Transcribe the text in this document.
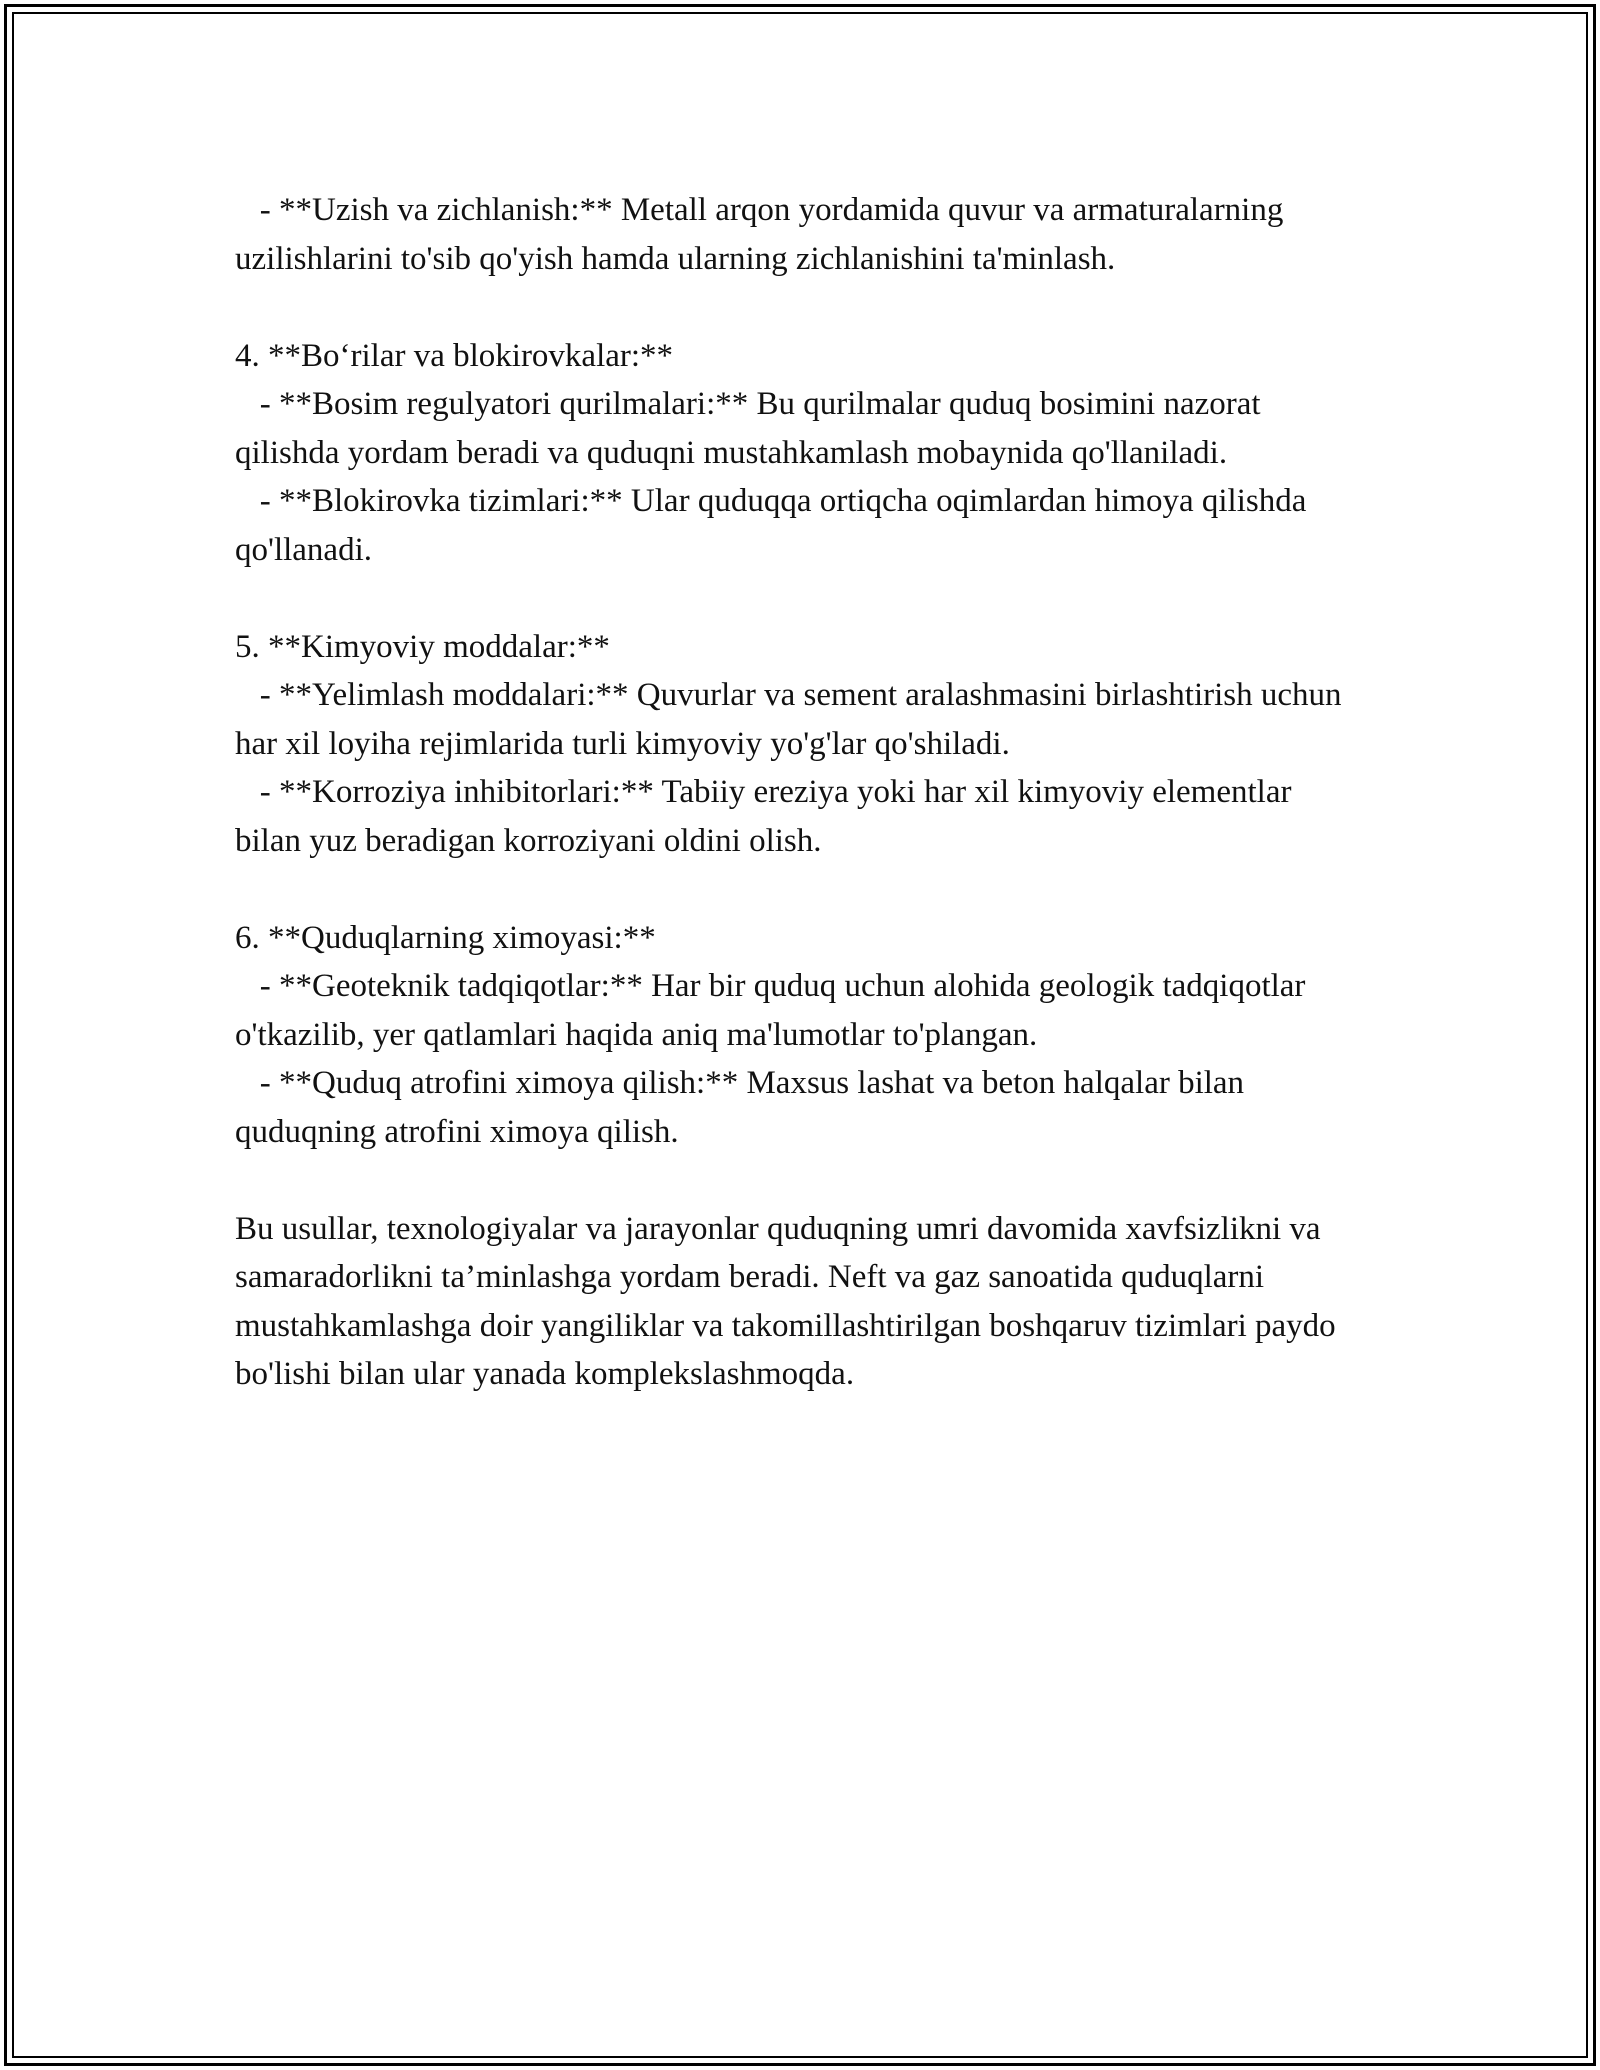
- **Uzish va zichlanish:** Metall arqon yordamida quvur va armaturalarning uzilishlarini to'sib qo'yish hamda ularning zichlanishini ta'minlash.

4. **Bo‘rilar va blokirovkalar:**

- **Bosim regulyatori qurilmalari:** Bu qurilmalar quduq bosimini nazorat qilishda yordam beradi va quduqni mustahkamlash mobaynida qo'llaniladi.

- **Blokirovka tizimlari:** Ular quduqqa ortiqcha oqimlardan himoya qilishda qo'llanadi.

5. **Kimyoviy moddalar:**

- **Yelimlash moddalari:** Quvurlar va sement aralashmasini birlashtirish uchun har xil loyiha rejimlarida turli kimyoviy yo'g'lar qo'shiladi.

- **Korroziya inhibitorlari:** Tabiiy ereziya yoki har xil kimyoviy elementlar bilan yuz beradigan korroziyani oldini olish.

6. **Quduqlarning ximoyasi:**

- **Geoteknik tadqiqotlar:** Har bir quduq uchun alohida geologik tadqiqotlar o'tkazilib, yer qatlamlari haqida aniq ma'lumotlar to'plangan.

- **Quduq atrofini ximoya qilish:** Maxsus lashat va beton halqalar bilan quduqning atrofini ximoya qilish.

Bu usullar, texnologiyalar va jarayonlar quduqning umri davomida xavfsizlikni va samaradorlikni ta’minlashga yordam beradi. Neft va gaz sanoatida quduqlarni mustahkamlashga doir yangiliklar va takomillashtirilgan boshqaruv tizimlari paydo bo'lishi bilan ular yanada komplekslashmoqda.
